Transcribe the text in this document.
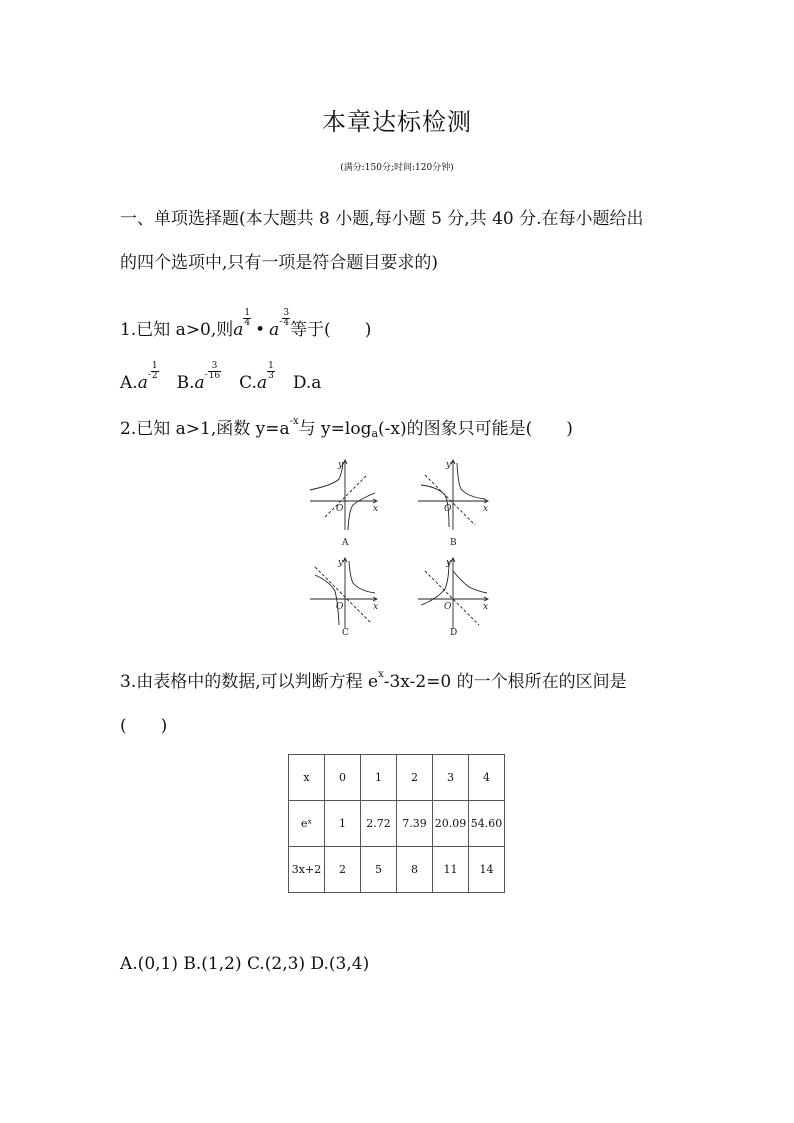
本章达标检测
(满分:150分;时间:120分钟)
一、单项选择题(本大题共 8 小题,每小题 5 分,共 40 分.在每小题给出
的四个选项中,只有一项是符合题目要求的)
1.已知 a>0,则a
$\frac{1}{4}$
• $a^- \frac{3}{4}$
等于(　　)
$A.a^- \frac{1}{2}$
$B.a^- \frac{3}{16}$
C.a
$\frac{1}{3}$
D.a
2.已知 a>1,函数 $y=a^{-x}$与 $y=\log_a(-x)$的图象只可能是(　　)
y
x
O
A
y
x
O
B
y
x
O
C
y
x
O
D
3.由表格中的数据,可以判断方程 $e^x-3x-2=0$ 的一个根所在的区间是
(　　)
x	0	1	2	3	4
eˣ	1	2.72	7.39	20.09	54.60
3x+2	2	5	8	11	14
A.(0,1) B.(1,2) C.(2,3) D.(3,4)
